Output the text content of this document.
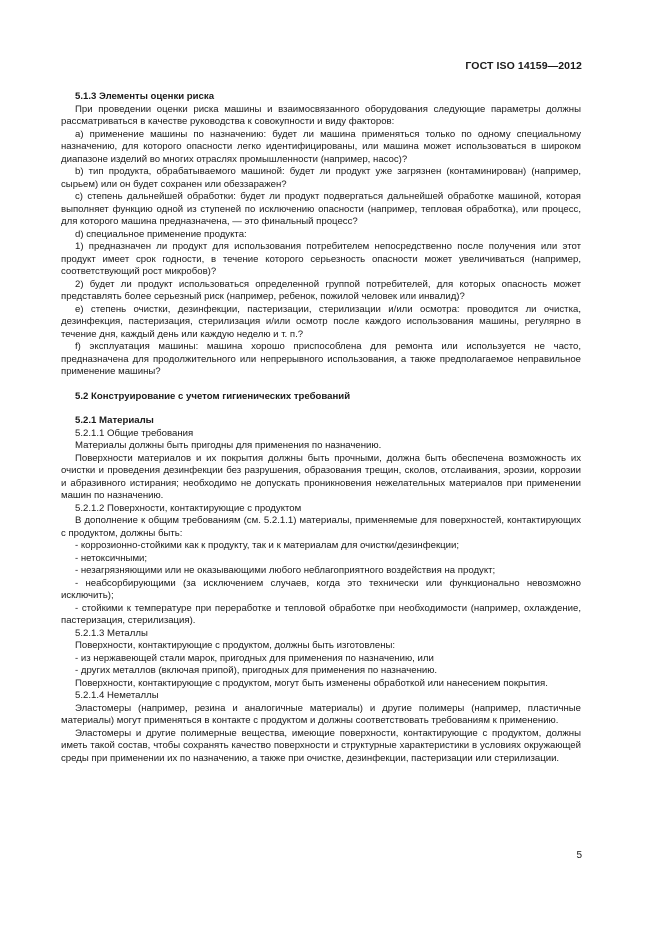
ГОСТ ISO 14159—2012

5.1.3 Элементы оценки риска

При проведении оценки риска машины и взаимосвязанного оборудования следующие параметры должны рассматриваться в качестве руководства к совокупности и виду факторов:

a) применение машины по назначению: будет ли машина применяться только по одному специальному назначению, для которого опасности легко идентифицированы, или машина может использоваться в широком диапазоне изделий во многих отраслях промышленности (например, насос)?

b) тип продукта, обрабатываемого машиной: будет ли продукт уже загрязнен (контаминирован) (например, сырьем) или он будет сохранен или обеззаражен?

c) степень дальнейшей обработки: будет ли продукт подвергаться дальнейшей обработке машиной, которая выполняет функцию одной из ступеней по исключению опасности (например, тепловая обработка), или процесс, для которого машина предназначена, — это финальный процесс?

d) специальное применение продукта:

1) предназначен ли продукт для использования потребителем непосредственно после получения или этот продукт имеет срок годности, в течение которого серьезность опасности может увеличиваться (например, соответствующий рост микробов)?

2) будет ли продукт использоваться определенной группой потребителей, для которых опасность может представлять более серьезный риск (например, ребенок, пожилой человек или инвалид)?

e) степень очистки, дезинфекции, пастеризации, стерилизации и/или осмотра: проводится ли очистка, дезинфекция, пастеризация, стерилизация и/или осмотр после каждого использования машины, регулярно в течение дня, каждый день или каждую неделю и т. п.?

f) эксплуатация машины: машина хорошо приспособлена для ремонта или используется не часто, предназначена для продолжительного или непрерывного использования, а также предполагаемое неправильное применение машины?

5.2 Конструирование с учетом гигиенических требований

5.2.1 Материалы

5.2.1.1 Общие требования

Материалы должны быть пригодны для применения по назначению.

Поверхности материалов и их покрытия должны быть прочными, должна быть обеспечена возможность их очистки и проведения дезинфекции без разрушения, образования трещин, сколов, отслаивания, эрозии, коррозии и абразивного истирания; необходимо не допускать проникновения нежелательных материалов при применении машин по назначению.

5.2.1.2 Поверхности, контактирующие с продуктом

В дополнение к общим требованиям (см. 5.2.1.1) материалы, применяемые для поверхностей, контактирующих с продуктом, должны быть:

- коррозионно-стойкими как к продукту, так и к материалам для очистки/дезинфекции;

- нетоксичными;

- незагрязняющими или не оказывающими любого неблагоприятного воздействия на продукт;

- неабсорбирующими (за исключением случаев, когда это технически или функционально невозможно исключить);

- стойкими к температуре при переработке и тепловой обработке при необходимости (например, охлаждение, пастеризация, стерилизация).

5.2.1.3 Металлы

Поверхности, контактирующие с продуктом, должны быть изготовлены:

- из нержавеющей стали марок, пригодных для применения по назначению, или

- других металлов (включая припой), пригодных для применения по назначению.

Поверхности, контактирующие с продуктом, могут быть изменены обработкой или нанесением покрытия.

5.2.1.4 Неметаллы

Эластомеры (например, резина и аналогичные материалы) и другие полимеры (например, пластичные материалы) могут применяться в контакте с продуктом и должны соответствовать требованиям к применению.

Эластомеры и другие полимерные вещества, имеющие поверхности, контактирующие с продуктом, должны иметь такой состав, чтобы сохранять качество поверхности и структурные характеристики в условиях окружающей среды при применении их по назначению, а также при очистке, дезинфекции, пастеризации или стерилизации.

5
